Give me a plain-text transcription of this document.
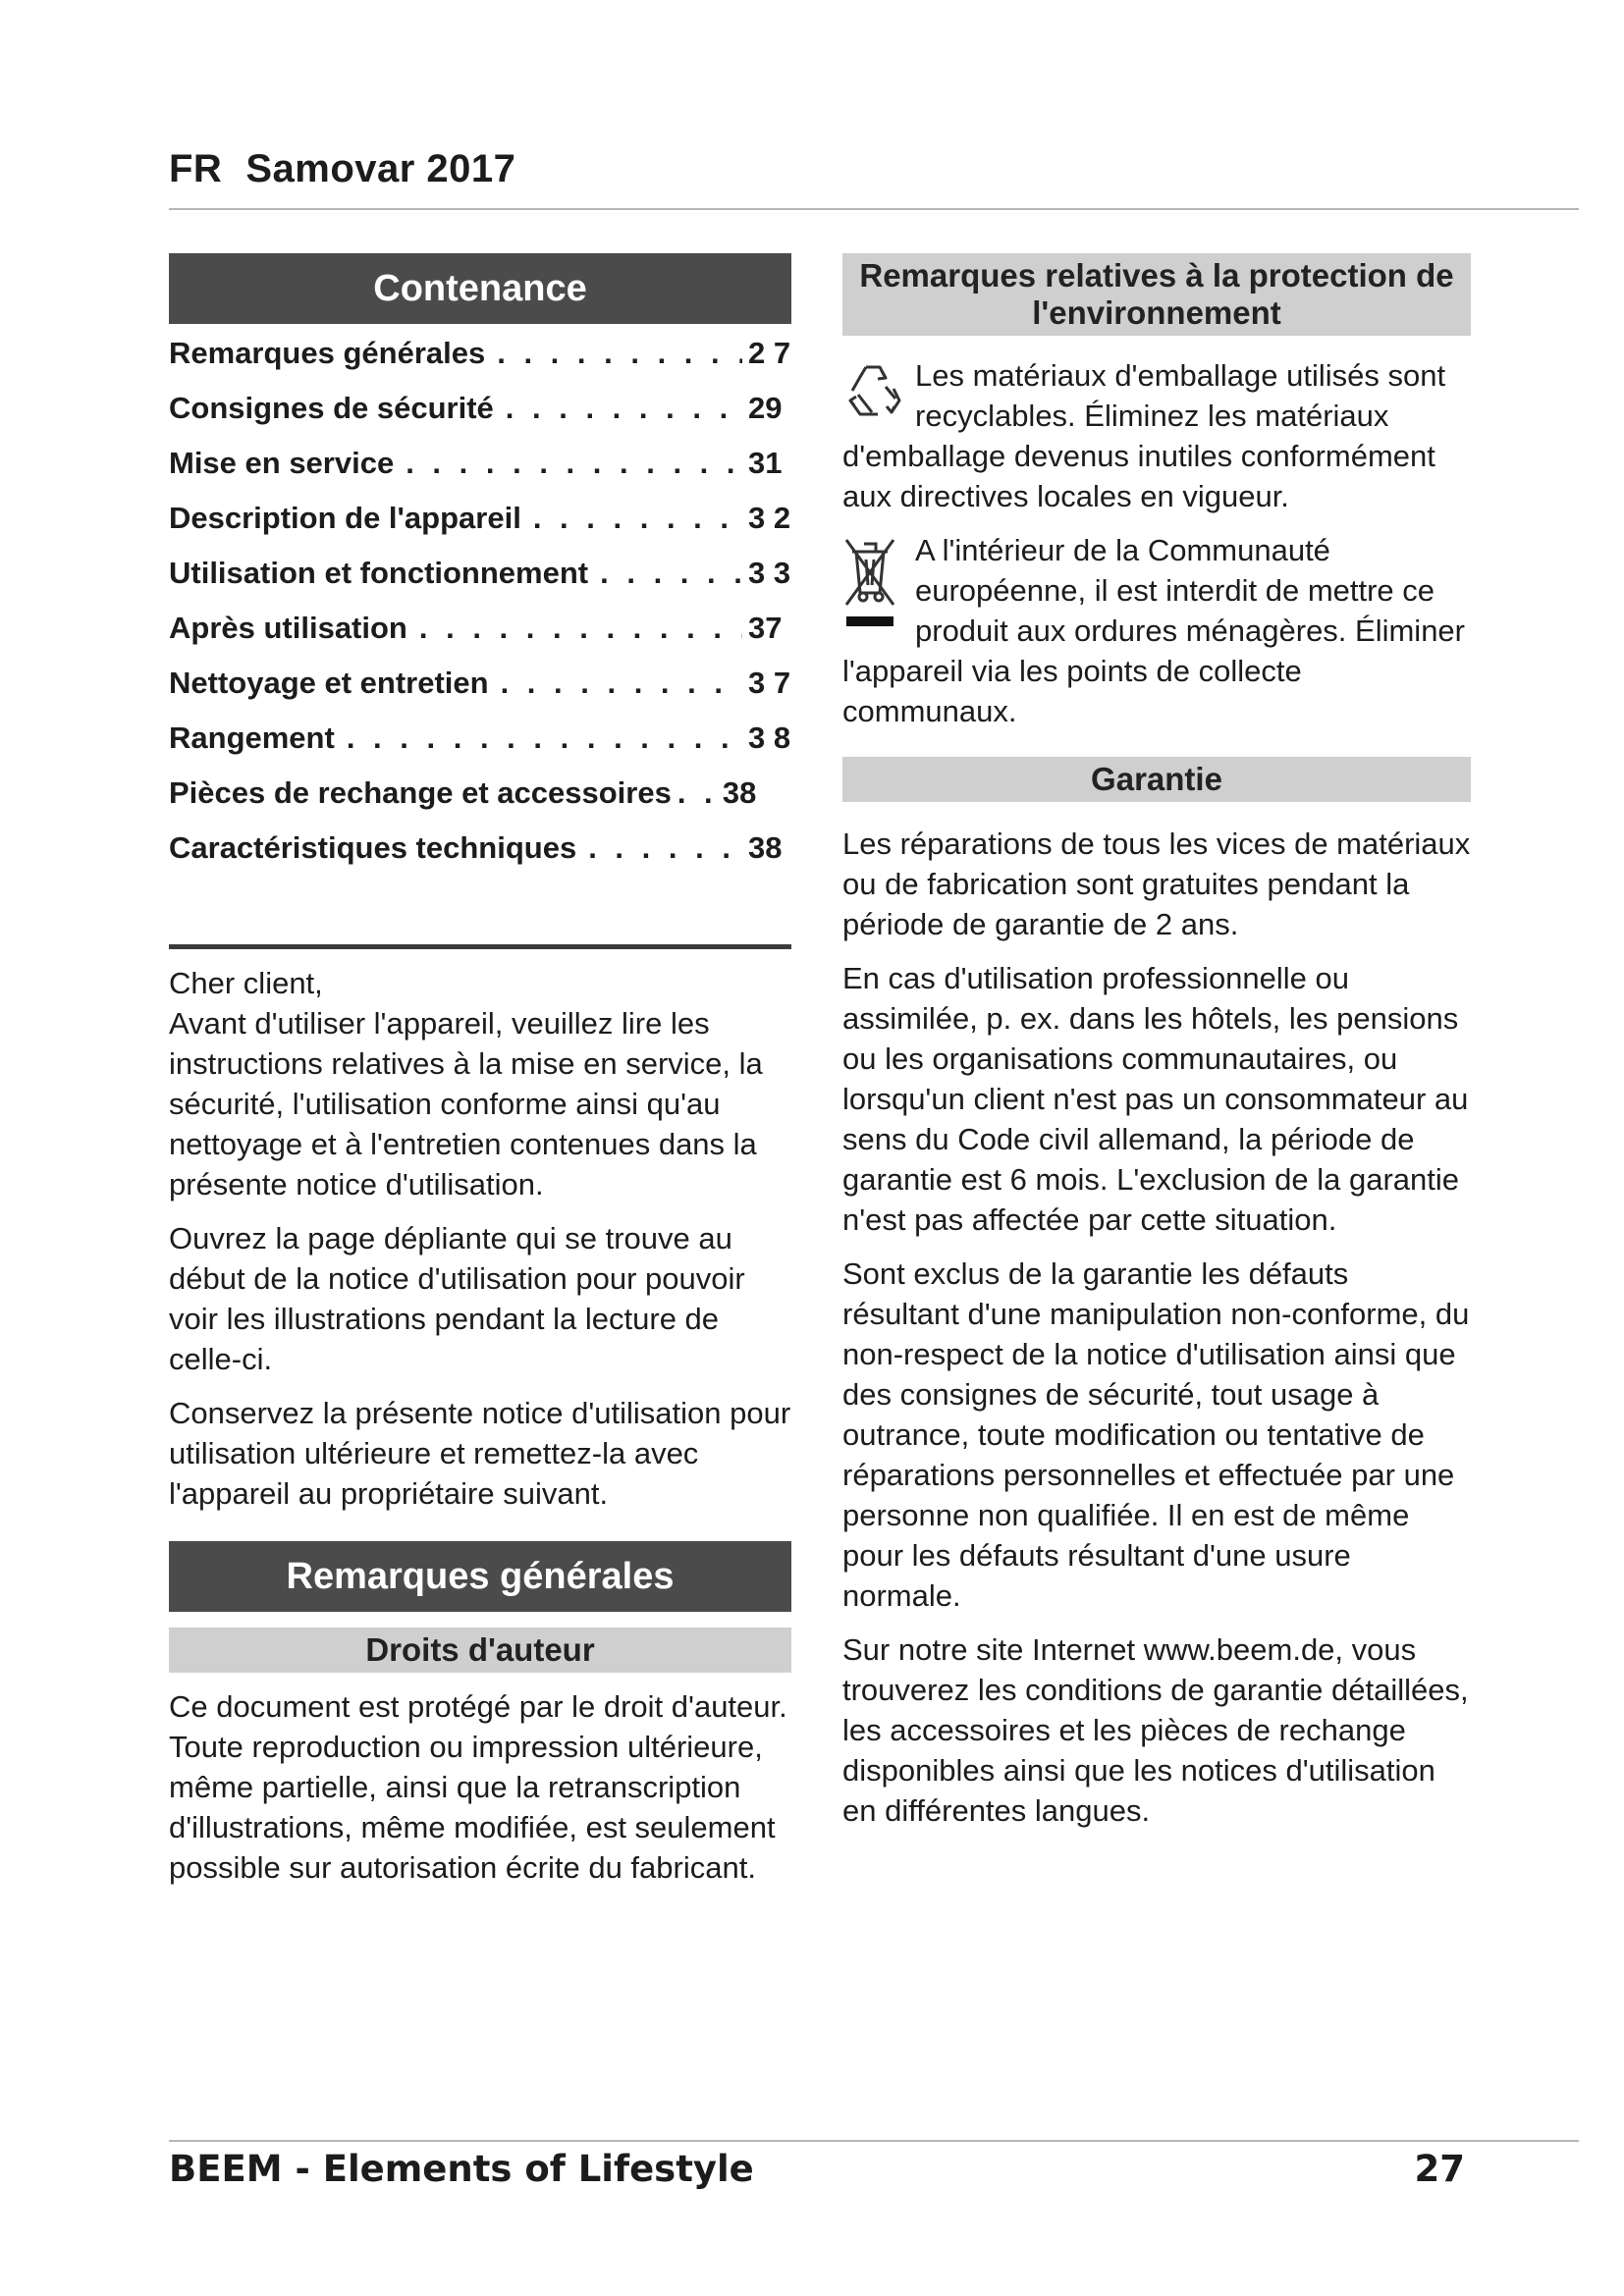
FR Samovar 2017
Contenance
Remarques générales . . .	2 7
Consignes de sécurité . . .	29
Mise en service . . .	31
Description de l'appareil . . .	3 2
Utilisation et fonctionnement . . .	3 3
Après utilisation . . .	37
Nettoyage et entretien . . .	3 7
Rangement . . .	3 8
Pièces de rechange et accessoires . . . 38
Caractéristiques techniques . . .	38

Cher client,

Avant d'utiliser l'appareil, veuillez lire les instructions relatives à la mise en service, la sécurité, l'utilisation conforme ainsi qu'au nettoyage et à l'entretien contenues dans la présente notice d'utilisation.

Ouvrez la page dépliante qui se trouve au début de la notice d'utilisation pour pouvoir voir les illustrations pendant la lecture de celle-ci.

Conservez la présente notice d'utilisation pour utilisation ultérieure et remettez-la avec l'appareil au propriétaire suivant.

Remarques générales
Droits d'auteur

Ce document est protégé par le droit d'auteur. Toute reproduction ou impression ultérieure, même partielle, ainsi que la retranscription d'illustrations, même modifiée, est seulement possible sur autorisation écrite du fabricant.

Remarques relatives à la protection de l'environnement

Les matériaux d'emballage utilisés sont recyclables. Éliminez les matériaux d'emballage devenus inutiles conformément aux directives locales en vigueur.

A l'intérieur de la Communauté européenne, il est interdit de mettre ce produit aux ordures ménagères. Éliminer l'appareil via les points de collecte communaux.

Garantie

Les réparations de tous les vices de matériaux ou de fabrication sont gratuites pendant la période de garantie de 2 ans.

En cas d'utilisation professionnelle ou assimilée, p. ex. dans les hôtels, les pensions ou les organisations communautaires, ou lorsqu'un client n'est pas un consommateur au sens du Code civil allemand, la période de garantie est 6 mois. L'exclusion de la garantie n'est pas affectée par cette situation.

Sont exclus de la garantie les défauts résultant d'une manipulation non-conforme, du non-respect de la notice d'utilisation ainsi que des consignes de sécurité, tout usage à outrance, toute modification ou tentative de réparations personnelles et effectuée par une personne non qualifiée. Il en est de même pour les défauts résultant d'une usure normale.

Sur notre site Internet www.beem.de, vous trouverez les conditions de garantie détaillées, les accessoires et les pièces de rechange disponibles ainsi que les notices d'utilisation en différentes langues.

BEEM - Elements of Lifestyle	27
